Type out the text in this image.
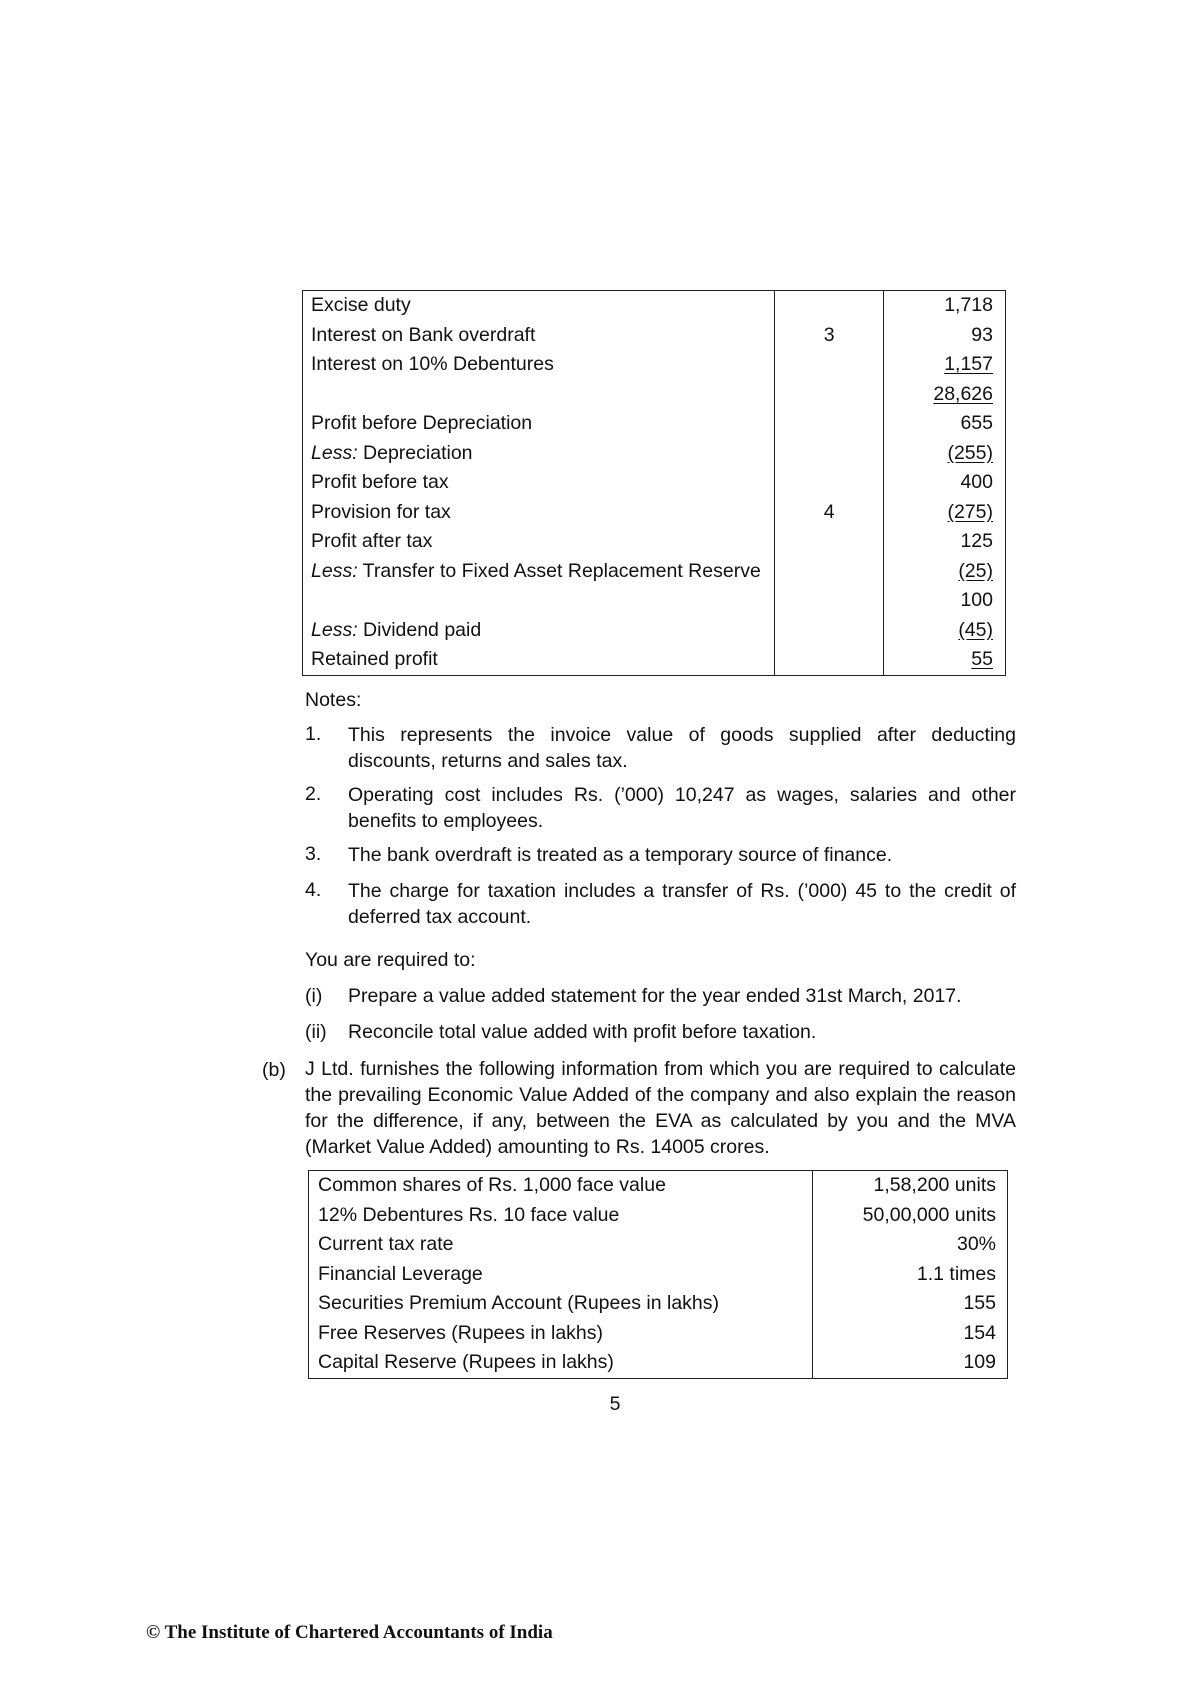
Excise duty		1,718
Interest on Bank overdraft	3	93
Interest on 10% Debentures		1,157
		28,626
Profit before Depreciation		655
Less: Depreciation		(255)
Profit before tax		400
Provision for tax	4	(275)
Profit after tax		125
Less: Transfer to Fixed Asset Replacement Reserve		(25)
		100
Less: Dividend paid		(45)
Retained profit		55
Notes:
1.	This represents the invoice value of goods supplied after deducting discounts, returns and sales tax.
2.	Operating cost includes Rs. (’000) 10,247 as wages, salaries and other benefits to employees.
3.	The bank overdraft is treated as a temporary source of finance.
4.	The charge for taxation includes a transfer of Rs. (’000) 45 to the credit of deferred tax account.
You are required to:
(i)	Prepare a value added statement for the year ended 31st March, 2017.
(ii)	Reconcile total value added with profit before taxation.
(b) J Ltd. furnishes the following information from which you are required to calculate the prevailing Economic Value Added of the company and also explain the reason for the difference, if any, between the EVA as calculated by you and the MVA (Market Value Added) amounting to Rs. 14005 crores.
Common shares of Rs. 1,000 face value	1,58,200 units
12% Debentures Rs. 10 face value	50,00,000 units
Current tax rate	30%
Financial Leverage	1.1 times
Securities Premium Account (Rupees in lakhs)	155
Free Reserves (Rupees in lakhs)	154
Capital Reserve (Rupees in lakhs)	109
5
© The Institute of Chartered Accountants of India
